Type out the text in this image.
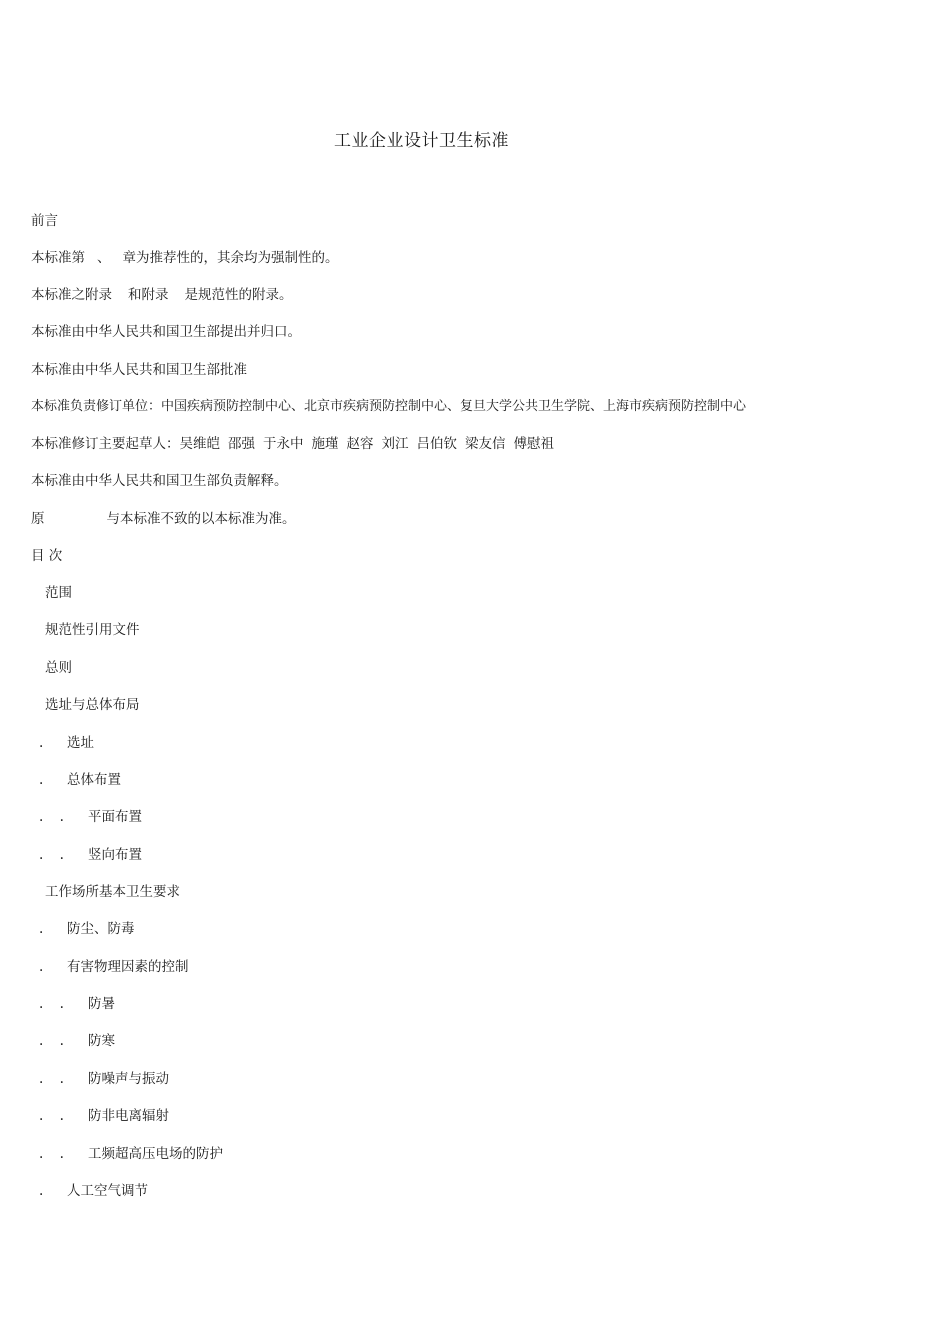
工业企业设计卫生标准
前言
本标准第 、 章为推荐性的，其余均为强制性的。
本标准之附录 和附录 是规范性的附录。
本标准由中华人民共和国卫生部提出并归口。
本标准由中华人民共和国卫生部批准
本标准负责修订单位：中国疾病预防控制中心、北京市疾病预防控制中心、复旦大学公共卫生学院、上海市疾病预防控制中心
本标准修订主要起草人：吴维皑 邵强 于永中 施瑾 赵容 刘江 吕伯钦 梁友信 傅慰祖
本标准由中华人民共和国卫生部负责解释。
原	与本标准不致的以本标准为准。
目 次
范围
规范性引用文件
总则
选址与总体布局
. 选址
. 总体布置
. . 平面布置
. . 竖向布置
工作场所基本卫生要求
. 防尘、防毒
. 有害物理因素的控制
. . 防暑
. . 防寒
. . 防噪声与振动
. . 防非电离辐射
. . 工频超高压电场的防护
. 人工空气调节
